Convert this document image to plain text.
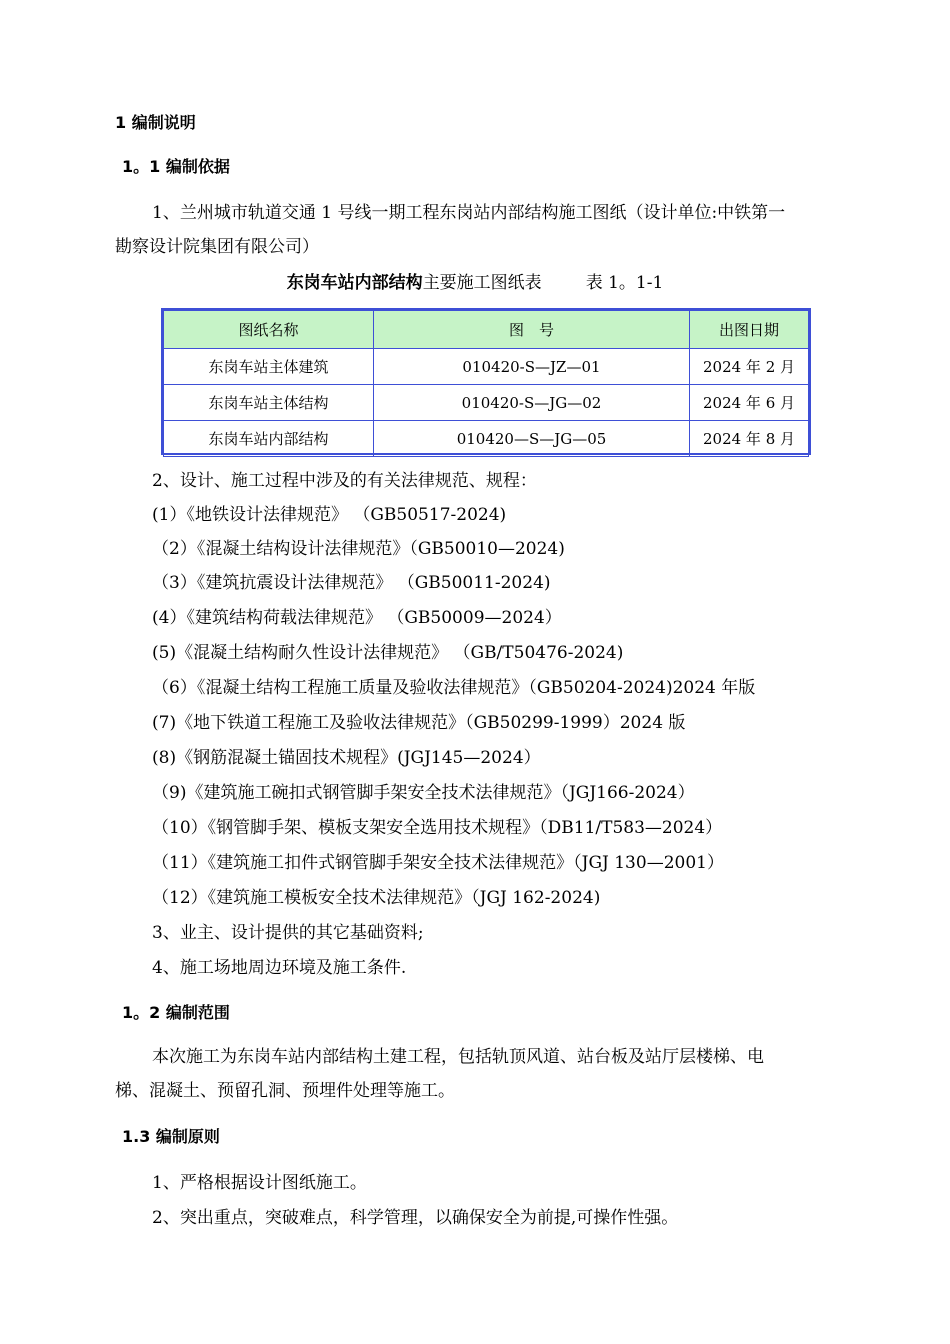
1 编制说明
1。1 编制依据
1、兰州城市轨道交通 1 号线一期工程东岗站内部结构施工图纸（设计单位:中铁第一
勘察设计院集团有限公司）
东岗车站内部结构主要施工图纸表	表 1。1-1
图纸名称	图　号	出图日期
东岗车站主体建筑	010420-S—JZ—01	2024 年 2 月
东岗车站主体结构	010420-S—JG—02	2024 年 6 月
东岗车站内部结构	010420—S—JG—05	2024 年 8 月
2、设计、施工过程中涉及的有关法律规范、规程：
(1）《地铁设计法律规范》 （GB50517-2024)
（2）《混凝土结构设计法律规范》（GB50010—2024)
（3）《建筑抗震设计法律规范》 （GB50011-2024)
(4）《建筑结构荷载法律规范》 （GB50009—2024）
(5)《混凝土结构耐久性设计法律规范》 （GB/T50476-2024)
（6）《混凝土结构工程施工质量及验收法律规范》（GB50204-2024)2024 年版
(7)《地下铁道工程施工及验收法律规范》（GB50299-1999）2024 版
(8)《钢筋混凝土锚固技术规程》(JGJ145—2024）
（9)《建筑施工碗扣式钢管脚手架安全技术法律规范》（JGJ166-2024）
（10）《钢管脚手架、模板支架安全选用技术规程》（DB11/T583—2024）
（11）《建筑施工扣件式钢管脚手架安全技术法律规范》（JGJ 130—2001）
（12）《建筑施工模板安全技术法律规范》（JGJ 162-2024)
3、业主、设计提供的其它基础资料;
4、施工场地周边环境及施工条件.
1。2 编制范围
本次施工为东岗车站内部结构土建工程，包括轨顶风道、站台板及站厅层楼梯、电
梯、混凝土、预留孔洞、预埋件处理等施工。
1.3 编制原则
1、严格根据设计图纸施工。
2、突出重点，突破难点，科学管理，以确保安全为前提,可操作性强。
